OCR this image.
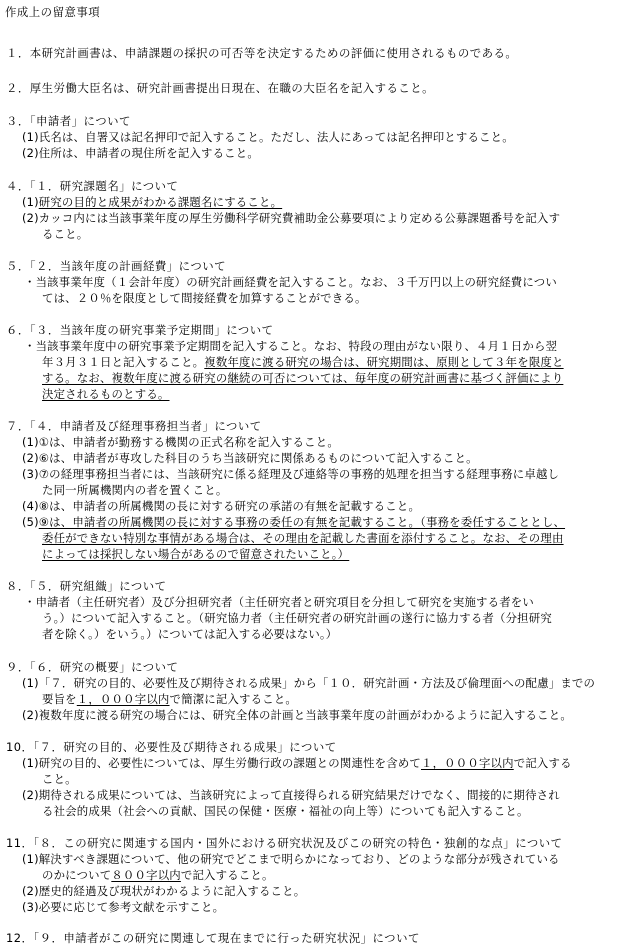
作成上の留意事項
１．本研究計画書は、申請課題の採択の可否等を決定するための評価に使用されるものである。
２．厚生労働大臣名は、研究計画書提出日現在、在職の大臣名を記入すること。
３．「申請者」について
(1)氏名は、自署又は記名押印で記入すること。ただし、法人にあっては記名押印とすること。
(2)住所は、申請者の現住所を記入すること。
４．「１．研究課題名」について
(1)研究の目的と成果がわかる課題名にすること。
(2)カッコ内には当該事業年度の厚生労働科学研究費補助金公募要項により定める公募課題番号を記入す
ること。
５．「２．当該年度の計画経費」について
・当該事業年度（１会計年度）の研究計画経費を記入すること。なお、３千万円以上の研究経費につい
ては、２０％を限度として間接経費を加算することができる。
６．「３．当該年度の研究事業予定期間」について
・当該事業年度中の研究事業予定期間を記入すること。なお、特段の理由がない限り、４月１日から翌
年３月３１日と記入すること。複数年度に渡る研究の場合は、研究期間は、原則として３年を限度と
する。なお、複数年度に渡る研究の継続の可否については、毎年度の研究計画書に基づく評価により
決定されるものとする。
７．「４．申請者及び経理事務担当者」について
(1)①は、申請者が勤務する機関の正式名称を記入すること。
(2)⑥は、申請者が専攻した科目のうち当該研究に関係あるものについて記入すること。
(3)⑦の経理事務担当者には、当該研究に係る経理及び連絡等の事務的処理を担当する経理事務に卓越し
た同一所属機関内の者を置くこと。
(4)⑧は、申請者の所属機関の長に対する研究の承諾の有無を記載すること。
(5)⑨は、申請者の所属機関の長に対する事務の委任の有無を記載すること。（事務を委任することとし、
委任ができない特別な事情がある場合は、その理由を記載した書面を添付すること。なお、その理由
によっては採択しない場合があるので留意されたいこと。）
８．「５．研究組織」について
・申請者（主任研究者）及び分担研究者（主任研究者と研究項目を分担して研究を実施する者をい
う。）について記入すること。（研究協力者（主任研究者の研究計画の遂行に協力する者（分担研究
者を除く。）をいう。）については記入する必要はない。）
９．「６．研究の概要」について
(1)「７．研究の目的、必要性及び期待される成果」から「１０．研究計画・方法及び倫理面への配慮」までの
要旨を１，０００字以内で簡潔に記入すること。
(2)複数年度に渡る研究の場合には、研究全体の計画と当該事業年度の計画がわかるように記入すること。
10．「７．研究の目的、必要性及び期待される成果」について
(1)研究の目的、必要性については、厚生労働行政の課題との関連性を含めて１，０００字以内で記入する
こと。
(2)期待される成果については、当該研究によって直接得られる研究結果だけでなく、間接的に期待され
る社会的成果（社会への貢献、国民の保健・医療・福祉の向上等）についても記入すること。
11．「８．この研究に関連する国内・国外における研究状況及びこの研究の特色・独創的な点」について
(1)解決すべき課題について、他の研究でどこまで明らかになっており、どのような部分が残されている
のかについて８００字以内で記入すること。
(2)歴史的経過及び現状がわかるように記入すること。
(3)必要に応じて参考文献を示すこと。
12．「９．申請者がこの研究に関連して現在までに行った研究状況」について
